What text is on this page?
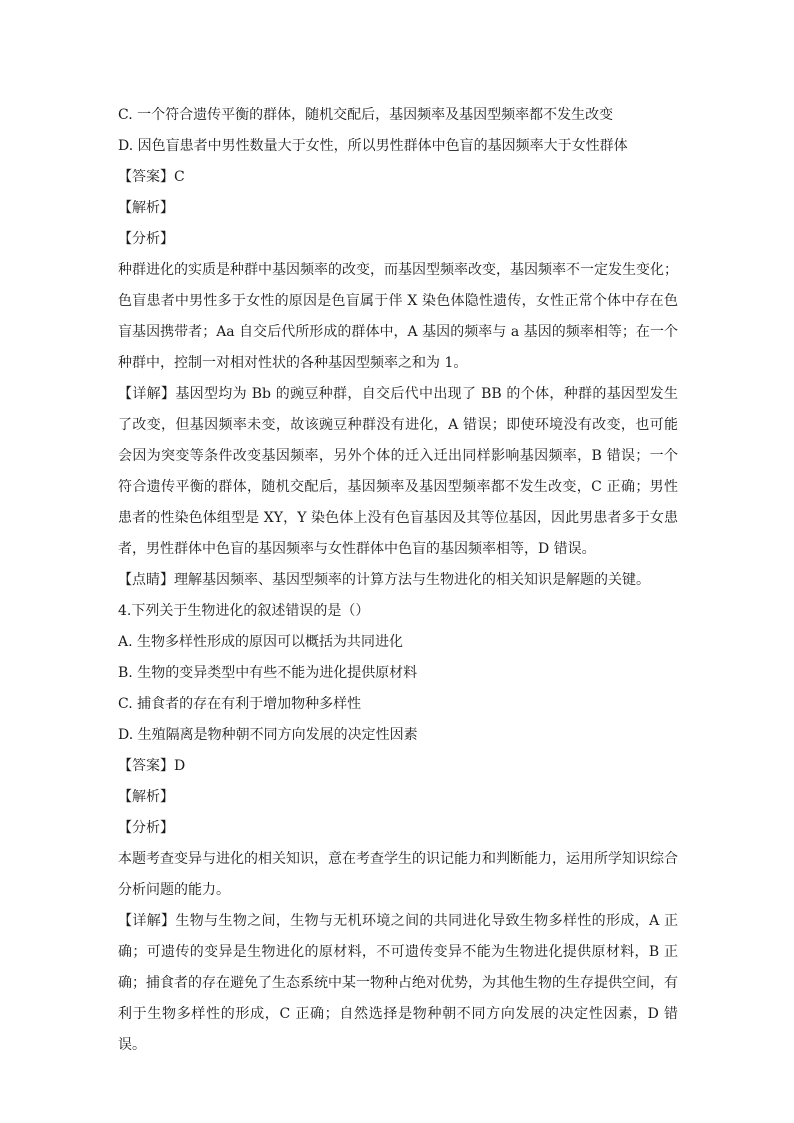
C. 一个符合遗传平衡的群体，随机交配后，基因频率及基因型频率都不发生改变
D. 因色盲患者中男性数量大于女性，所以男性群体中色盲的基因频率大于女性群体
【答案】C
【解析】
【分析】
种群进化的实质是种群中基因频率的改变，而基因型频率改变，基因频率不一定发生变化；色盲患者中男性多于女性的原因是色盲属于伴 X 染色体隐性遗传，女性正常个体中存在色盲基因携带者；Aa 自交后代所形成的群体中，A 基因的频率与 a 基因的频率相等；在一个种群中，控制一对相对性状的各种基因型频率之和为 1。
【详解】基因型均为 Bb 的豌豆种群，自交后代中出现了 BB 的个体，种群的基因型发生了改变，但基因频率未变，故该豌豆种群没有进化，A 错误；即使环境没有改变，也可能会因为突变等条件改变基因频率，另外个体的迁入迁出同样影响基因频率，B 错误；一个符合遗传平衡的群体，随机交配后，基因频率及基因型频率都不发生改变，C 正确；男性患者的性染色体组型是 XY，Y 染色体上没有色盲基因及其等位基因，因此男患者多于女患者，男性群体中色盲的基因频率与女性群体中色盲的基因频率相等，D 错误。
【点睛】理解基因频率、基因型频率的计算方法与生物进化的相关知识是解题的关键。
4.下列关于生物进化的叙述错误的是（）
A. 生物多样性形成的原因可以概括为共同进化
B. 生物的变异类型中有些不能为进化提供原材料
C. 捕食者的存在有利于增加物种多样性
D. 生殖隔离是物种朝不同方向发展的决定性因素
【答案】D
【解析】
【分析】
本题考查变异与进化的相关知识，意在考查学生的识记能力和判断能力，运用所学知识综合分析问题的能力。
【详解】生物与生物之间，生物与无机环境之间的共同进化导致生物多样性的形成，A 正确；可遗传的变异是生物进化的原材料，不可遗传变异不能为生物进化提供原材料，B 正确；捕食者的存在避免了生态系统中某一物种占绝对优势，为其他生物的生存提供空间，有利于生物多样性的形成，C 正确；自然选择是物种朝不同方向发展的决定性因素，D 错误。
